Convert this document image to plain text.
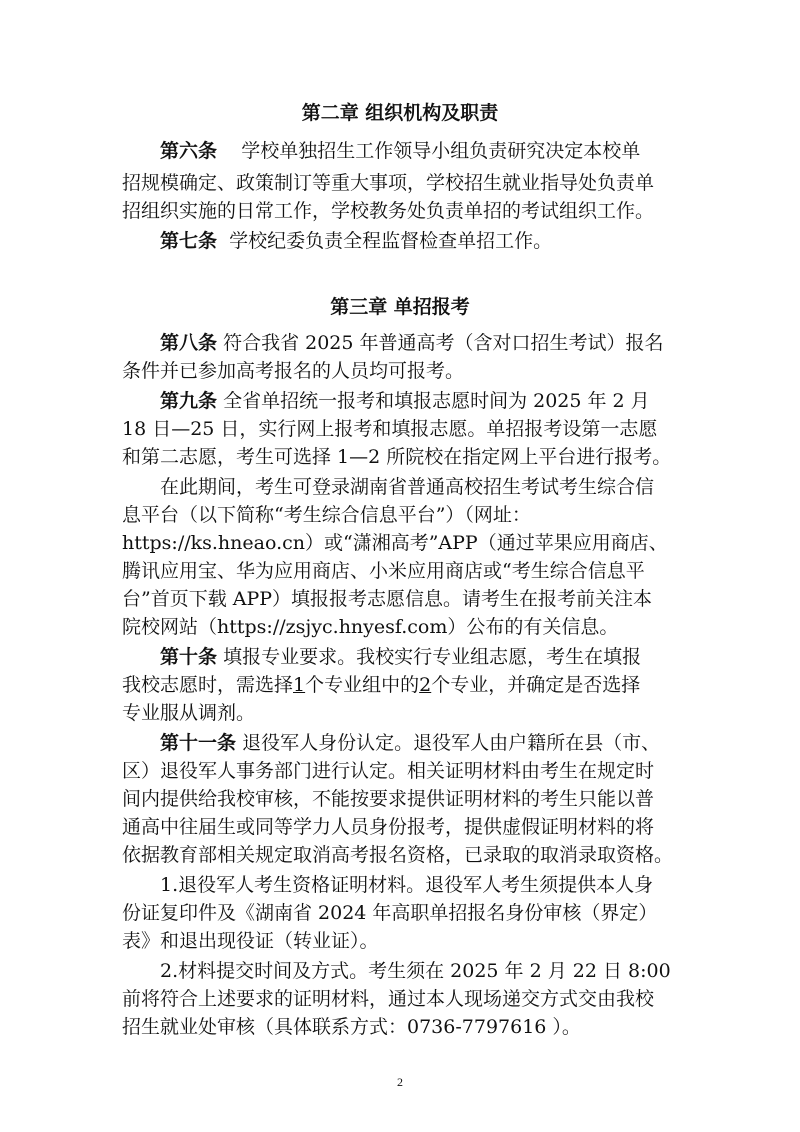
第二章 组织机构及职责
第六条 学校单独招生工作领导小组负责研究决定本校单
招规模确定、政策制订等重大事项，学校招生就业指导处负责单
招组织实施的日常工作，学校教务处负责单招的考试组织工作。
第七条 学校纪委负责全程监督检查单招工作。
第三章 单招报考
第八条 符合我省 2025 年普通高考（含对口招生考试）报名
条件并已参加高考报名的人员均可报考。
第九条 全省单招统一报考和填报志愿时间为 2025 年 2 月
18 日—25 日，实行网上报考和填报志愿。单招报考设第一志愿
和第二志愿，考生可选择 1—2 所院校在指定网上平台进行报考。
在此期间，考生可登录湖南省普通高校招生考试考生综合信
息平台（以下简称“考生综合信息平台”）（网址：
https://ks.hneao.cn）或“潇湘高考”APP（通过苹果应用商店、
腾讯应用宝、华为应用商店、小米应用商店或“考生综合信息平
台”首页下载 APP）填报报考志愿信息。请考生在报考前关注本
院校网站（https://zsjyc.hnyesf.com）公布的有关信息。
第十条 填报专业要求。我校实行专业组志愿，考生在填报
我校志愿时，需选择1个专业组中的2个专业，并确定是否选择
专业服从调剂。
第十一条 退役军人身份认定。退役军人由户籍所在县（市、
区）退役军人事务部门进行认定。相关证明材料由考生在规定时
间内提供给我校审核，不能按要求提供证明材料的考生只能以普
通高中往届生或同等学力人员身份报考，提供虚假证明材料的将
依据教育部相关规定取消高考报名资格，已录取的取消录取资格。
1.退役军人考生资格证明材料。退役军人考生须提供本人身
份证复印件及《湖南省 2024 年高职单招报名身份审核（界定）
表》和退出现役证（转业证）。
2.材料提交时间及方式。考生须在 2025 年 2 月 22 日 8:00
前将符合上述要求的证明材料，通过本人现场递交方式交由我校
招生就业处审核（具体联系方式：0736-7797616 ）。
2
